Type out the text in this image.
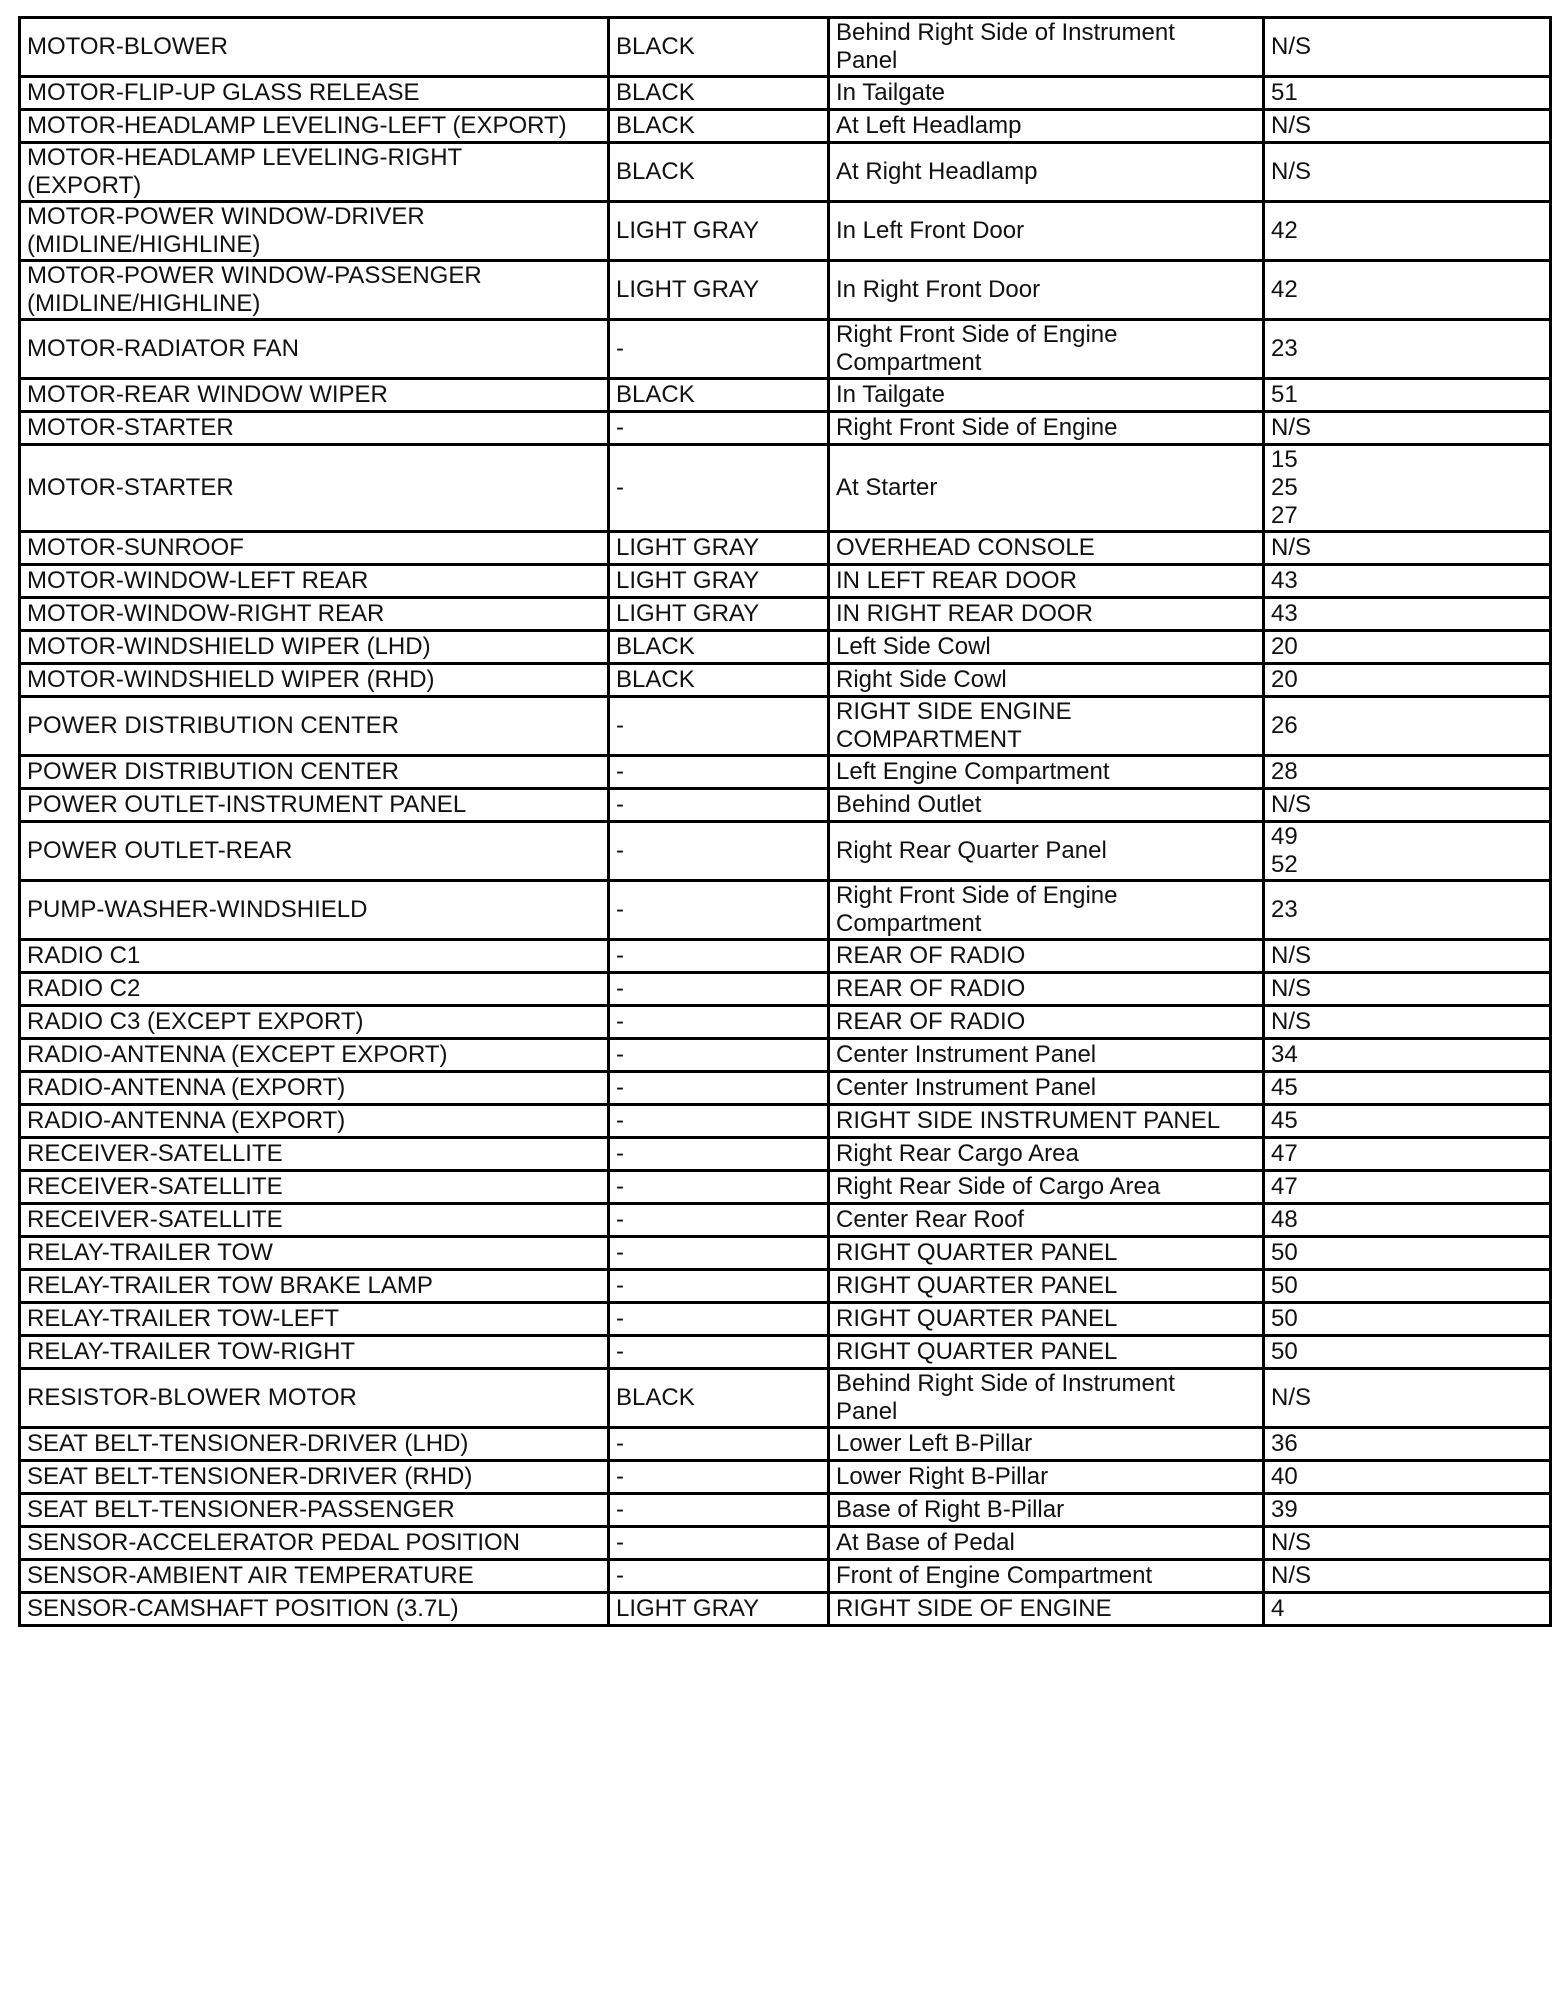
MOTOR-BLOWER	BLACK	Behind Right Side of Instrument
Panel	N/S

MOTOR-FLIP-UP GLASS RELEASE	BLACK	In Tailgate	51

MOTOR-HEADLAMP LEVELING-LEFT (EXPORT)	BLACK	At Left Headlamp	N/S

MOTOR-HEADLAMP LEVELING-RIGHT
(EXPORT)	BLACK	At Right Headlamp	N/S

MOTOR-POWER WINDOW-DRIVER
(MIDLINE/HIGHLINE)	LIGHT GRAY	In Left Front Door	42

MOTOR-POWER WINDOW-PASSENGER
(MIDLINE/HIGHLINE)	LIGHT GRAY	In Right Front Door	42

MOTOR-RADIATOR FAN	-	Right Front Side of Engine
Compartment	23

MOTOR-REAR WINDOW WIPER	BLACK	In Tailgate	51

MOTOR-STARTER	-	Right Front Side of Engine	N/S

MOTOR-STARTER	-	At Starter	15
25
27

MOTOR-SUNROOF	LIGHT GRAY	OVERHEAD CONSOLE	N/S

MOTOR-WINDOW-LEFT REAR	LIGHT GRAY	IN LEFT REAR DOOR	43

MOTOR-WINDOW-RIGHT REAR	LIGHT GRAY	IN RIGHT REAR DOOR	43

MOTOR-WINDSHIELD WIPER (LHD)	BLACK	Left Side Cowl	20

MOTOR-WINDSHIELD WIPER (RHD)	BLACK	Right Side Cowl	20

POWER DISTRIBUTION CENTER	-	RIGHT SIDE ENGINE
COMPARTMENT	26

POWER DISTRIBUTION CENTER	-	Left Engine Compartment	28

POWER OUTLET-INSTRUMENT PANEL	-	Behind Outlet	N/S

POWER OUTLET-REAR	-	Right Rear Quarter Panel	49
52

PUMP-WASHER-WINDSHIELD	-	Right Front Side of Engine
Compartment	23

RADIO C1	-	REAR OF RADIO	N/S

RADIO C2	-	REAR OF RADIO	N/S

RADIO C3 (EXCEPT EXPORT)	-	REAR OF RADIO	N/S

RADIO-ANTENNA (EXCEPT EXPORT)	-	Center Instrument Panel	34

RADIO-ANTENNA (EXPORT)	-	Center Instrument Panel	45

RADIO-ANTENNA (EXPORT)	-	RIGHT SIDE INSTRUMENT PANEL	45

RECEIVER-SATELLITE	-	Right Rear Cargo Area	47

RECEIVER-SATELLITE	-	Right Rear Side of Cargo Area	47

RECEIVER-SATELLITE	-	Center Rear Roof	48

RELAY-TRAILER TOW	-	RIGHT QUARTER PANEL	50

RELAY-TRAILER TOW BRAKE LAMP	-	RIGHT QUARTER PANEL	50

RELAY-TRAILER TOW-LEFT	-	RIGHT QUARTER PANEL	50

RELAY-TRAILER TOW-RIGHT	-	RIGHT QUARTER PANEL	50

RESISTOR-BLOWER MOTOR	BLACK	Behind Right Side of Instrument
Panel	N/S

SEAT BELT-TENSIONER-DRIVER (LHD)	-	Lower Left B-Pillar	36

SEAT BELT-TENSIONER-DRIVER (RHD)	-	Lower Right B-Pillar	40

SEAT BELT-TENSIONER-PASSENGER	-	Base of Right B-Pillar	39

SENSOR-ACCELERATOR PEDAL POSITION	-	At Base of Pedal	N/S

SENSOR-AMBIENT AIR TEMPERATURE	-	Front of Engine Compartment	N/S

SENSOR-CAMSHAFT POSITION (3.7L)	LIGHT GRAY	RIGHT SIDE OF ENGINE	4
